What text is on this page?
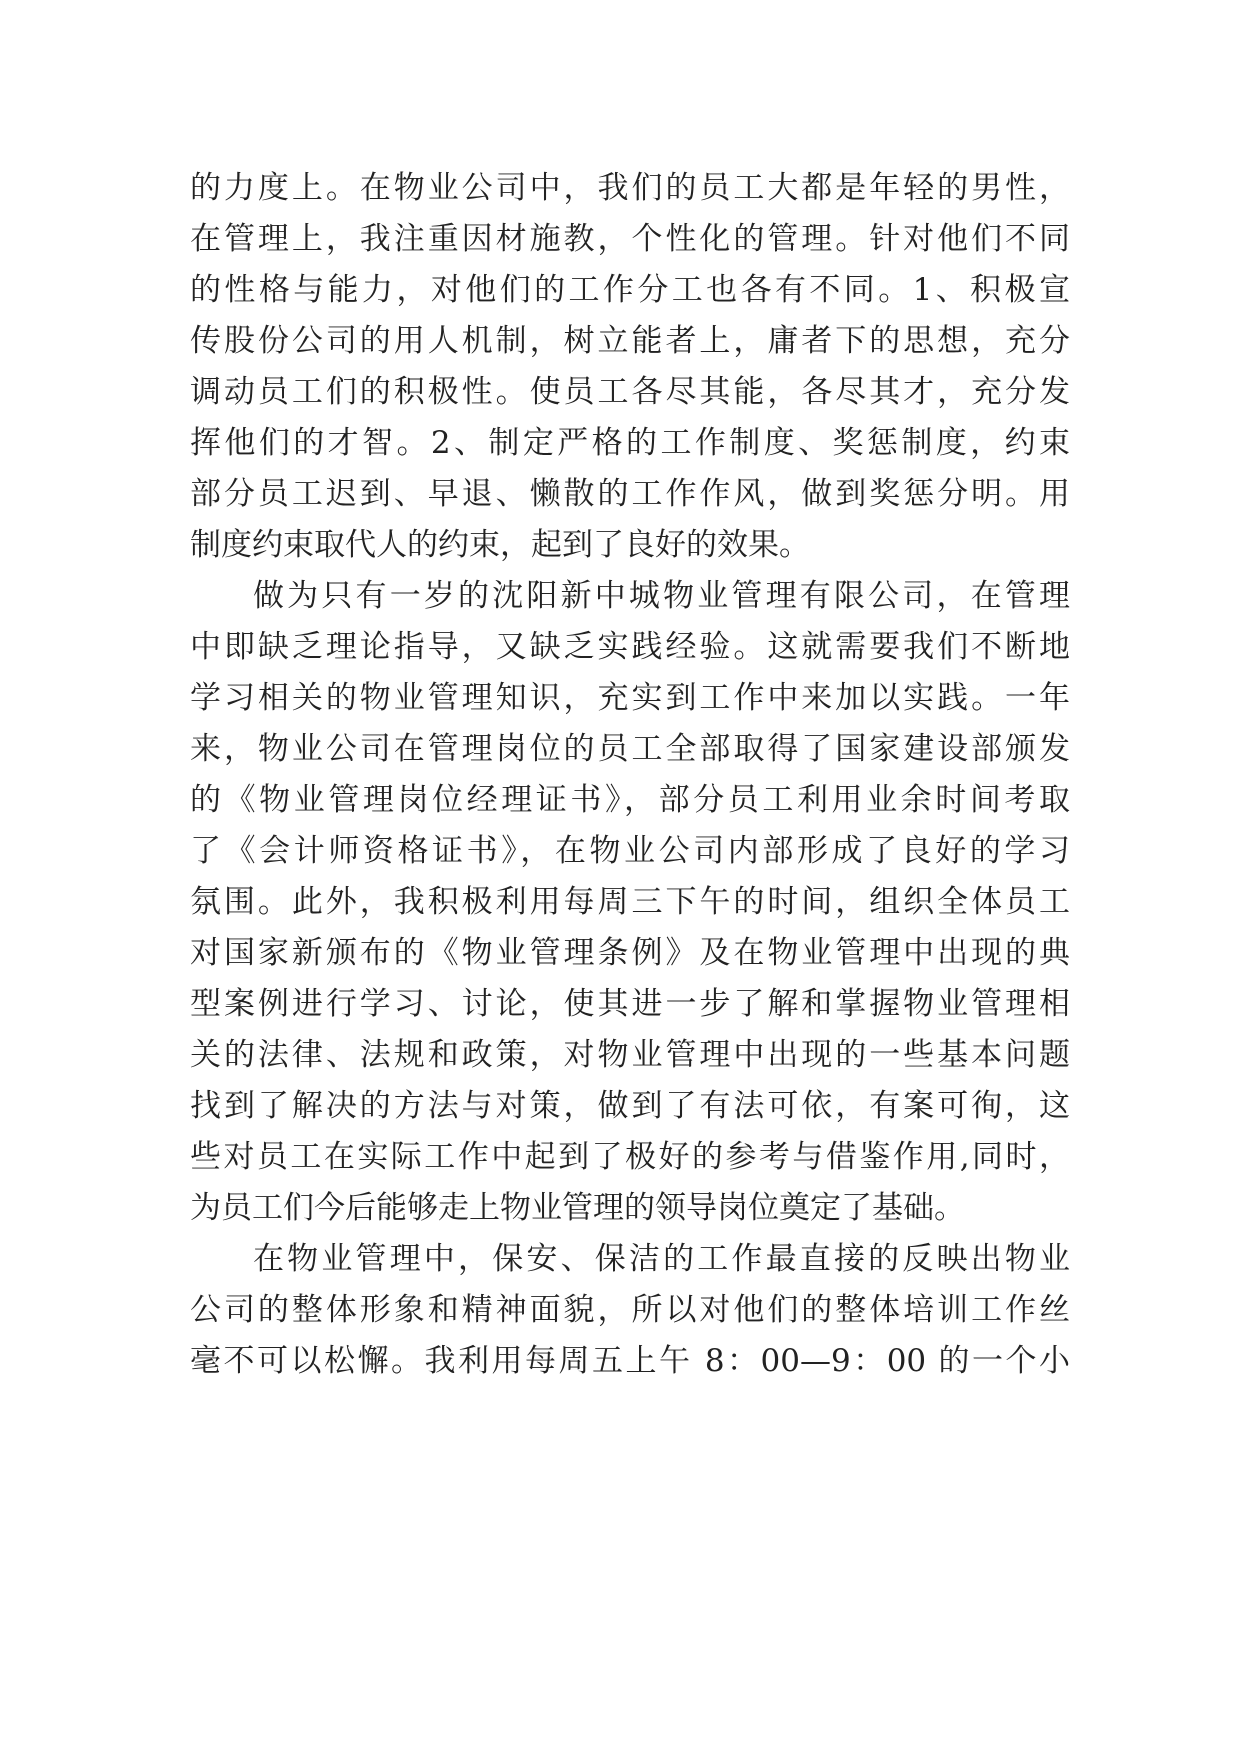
的力度上。在物业公司中，我们的员工大都是年轻的男性，
在管理上，我注重因材施教，个性化的管理。针对他们不同
的性格与能力，对他们的工作分工也各有不同。1、积极宣
传股份公司的用人机制，树立能者上，庸者下的思想，充分
调动员工们的积极性。使员工各尽其能，各尽其才，充分发
挥他们的才智。2、制定严格的工作制度、奖惩制度，约束
部分员工迟到、早退、懒散的工作作风，做到奖惩分明。用
制度约束取代人的约束，起到了良好的效果。
做为只有一岁的沈阳新中城物业管理有限公司，在管理
中即缺乏理论指导，又缺乏实践经验。这就需要我们不断地
学习相关的物业管理知识，充实到工作中来加以实践。一年
来，物业公司在管理岗位的员工全部取得了国家建设部颁发
的《物业管理岗位经理证书》，部分员工利用业余时间考取
了《会计师资格证书》，在物业公司内部形成了良好的学习
氛围。此外，我积极利用每周三下午的时间，组织全体员工
对国家新颁布的《物业管理条例》及在物业管理中出现的典
型案例进行学习、讨论，使其进一步了解和掌握物业管理相
关的法律、法规和政策，对物业管理中出现的一些基本问题
找到了解决的方法与对策，做到了有法可依，有案可徇，这
些对员工在实际工作中起到了极好的参考与借鉴作用,同时，
为员工们今后能够走上物业管理的领导岗位奠定了基础。
在物业管理中，保安、保洁的工作最直接的反映出物业
公司的整体形象和精神面貌，所以对他们的整体培训工作丝
毫不可以松懈。我利用每周五上午 8：00—9：00 的一个小
